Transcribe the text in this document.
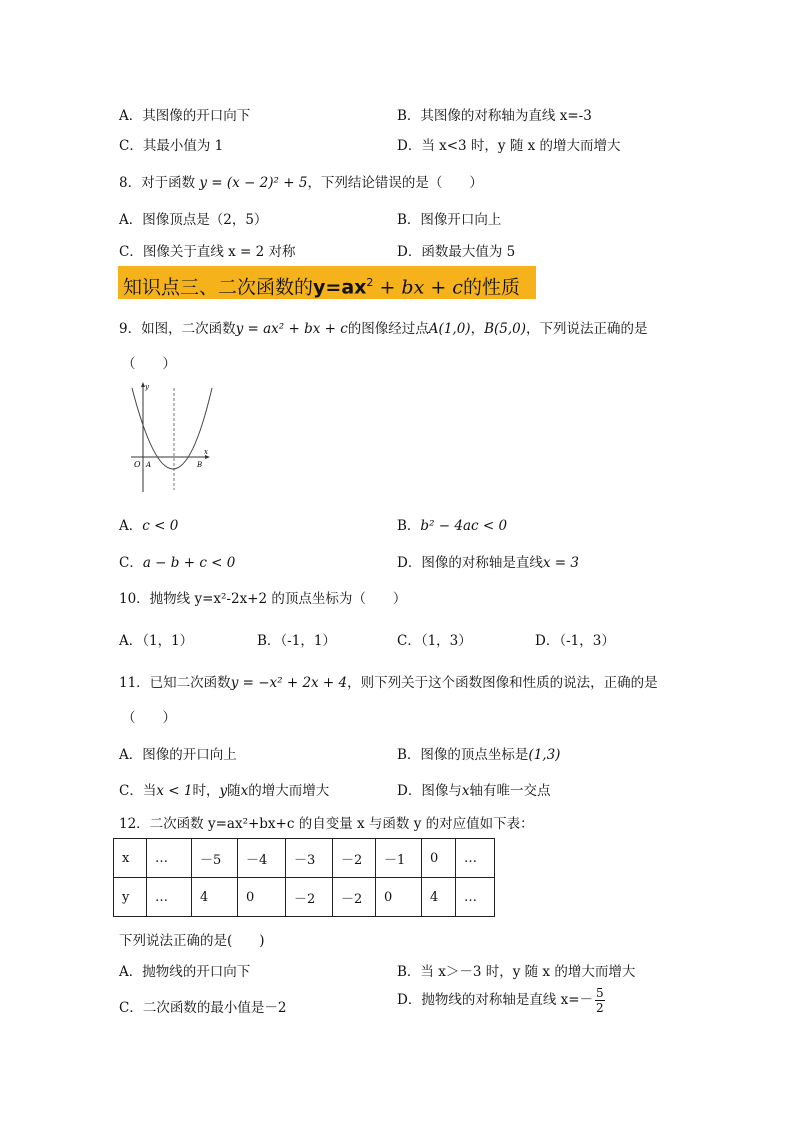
A．其图像的开口向下	B．其图像的对称轴为直线 x=-3
C．其最小值为 1	D．当 x<3 时，y 随 x 的增大而增大
8．对于函数 y = (x − 2)² + 5，下列结论错误的是（　　）
A．图像顶点是（2，5）	B．图像开口向上
C．图像关于直线 x = 2 对称	D．函数最大值为 5
知识点三、二次函数的$y=ax^2$ + bx + c的性质
9．如图，二次函数y = ax² + bx + c的图像经过点A(1,0)，B(5,0)，下列说法正确的是
（　　）
y
x
O A	B
A．c < 0	B．b² − 4ac < 0
C．a − b + c < 0	D．图像的对称轴是直线x = 3
10．抛物线 y=x²-2x+2 的顶点坐标为（　　）
A．（1，1）	B．（-1，1）	C．（1，3）	D．（-1，3）
11．已知二次函数y = −x² + 2x + 4，则下列关于这个函数图像和性质的说法，正确的是
（　　）
A．图像的开口向上	B．图像的顶点坐标是(1,3)
C．当x < 1时，y随x的增大而增大	D．图像与x轴有唯一交点
12．二次函数 y=ax²+bx+c 的自变量 x 与函数 y 的对应值如下表：
x	…	－5	－4	－3	－2	－1	0	…
y	…	4	0	－2	－2	0	4	…
下列说法正确的是(　　)
A．抛物线的开口向下	B．当 x＞－3 时，y 随 x 的增大而增大
C．二次函数的最小值是－2	D．抛物线的对称轴是直线 $x=- \frac{5}{2}$
